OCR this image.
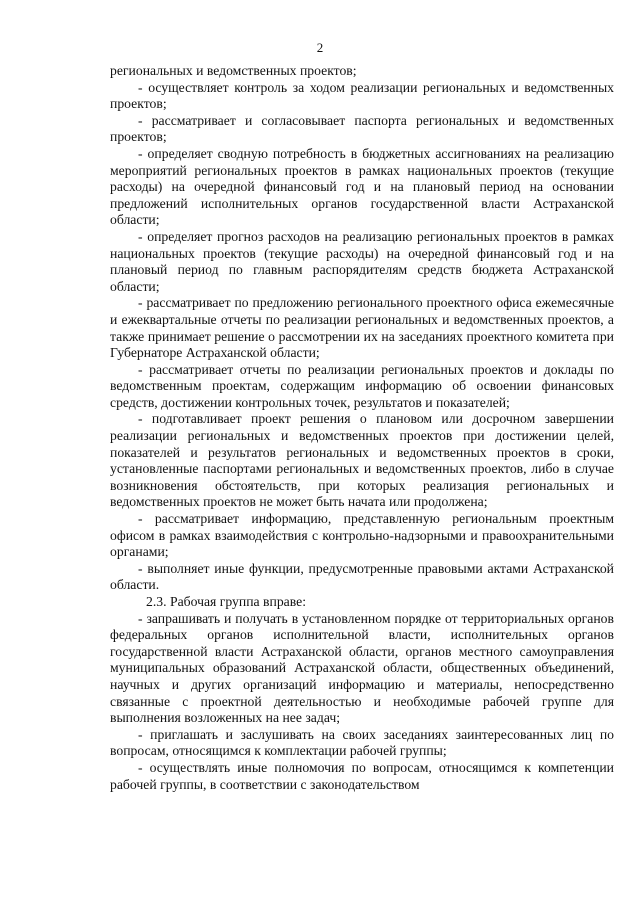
2

региональных и ведомственных проектов;

- осуществляет контроль за ходом реализации региональных и ведомственных проектов;

- рассматривает и согласовывает паспорта региональных и ведомственных проектов;

- определяет сводную потребность в бюджетных ассигнованиях на реализацию мероприятий региональных проектов в рамках национальных проектов (текущие расходы) на очередной финансовый год и на плановый период на основании предложений исполнительных органов государственной власти Астраханской области;

- определяет прогноз расходов на реализацию региональных проектов в рамках национальных проектов (текущие расходы) на очередной финансовый год и на плановый период по главным распорядителям средств бюджета Астраханской области;

- рассматривает по предложению регионального проектного офиса ежемесячные и ежеквартальные отчеты по реализации региональных и ведомственных проектов, а также принимает решение о рассмотрении их на заседаниях проектного комитета при Губернаторе Астраханской области;

- рассматривает отчеты по реализации региональных проектов и доклады по ведомственным проектам, содержащим информацию об освоении финансовых средств, достижении контрольных точек, результатов и показателей;

- подготавливает проект решения о плановом или досрочном завершении реализации региональных и ведомственных проектов при достижении целей, показателей и результатов региональных и ведомственных проектов в сроки, установленные паспортами региональных и ведомственных проектов, либо в случае возникновения обстоятельств, при которых реализация региональных и ведомственных проектов не может быть начата или продолжена;

- рассматривает информацию, представленную региональным проектным офисом в рамках взаимодействия с контрольно-надзорными и правоохранительными органами;

- выполняет иные функции, предусмотренные правовыми актами Астраханской области.

2.3. Рабочая группа вправе:

- запрашивать и получать в установленном порядке от территориальных органов федеральных органов исполнительной власти, исполнительных органов государственной власти Астраханской области, органов местного самоуправления муниципальных образований Астраханской области, общественных объединений, научных и других организаций информацию и материалы, непосредственно связанные с проектной деятельностью и необходимые рабочей группе для выполнения возложенных на нее задач;

- приглашать и заслушивать на своих заседаниях заинтересованных лиц по вопросам, относящимся к комплектации рабочей группы;

- осуществлять иные полномочия по вопросам, относящимся к компетенции рабочей группы, в соответствии с законодательством
